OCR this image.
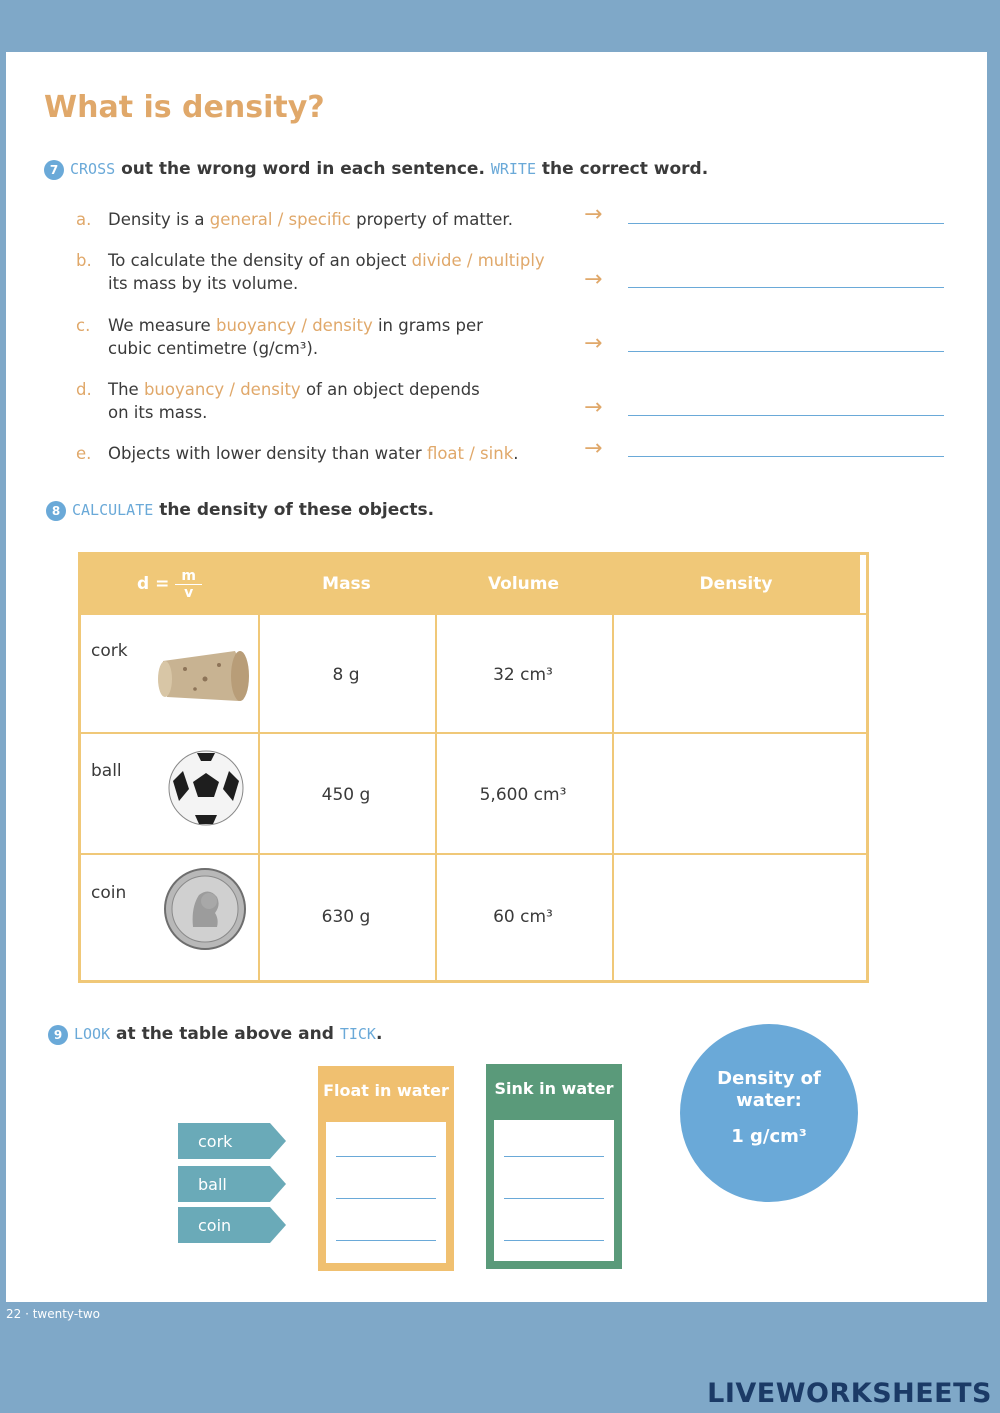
What is density?
7 CROSS out the wrong word in each sentence. WRITE the correct word.
a. Density is a general / specific property of matter.
b. To calculate the density of an object divide / multiply
its mass by its volume.
c. We measure buoyancy / density in grams per
cubic centimetre (g/cm³).
d. The buoyancy / density of an object depends
on its mass.
e. Objects with lower density than water float / sink.
→
→
→
→
→
8 CALCULATE the density of these objects.
$d = \frac{m}{v}$	Mass	Volume	Density
cork
8 g	32 cm³
ball
450 g	5,600 cm³
coin
630 g	60 cm³
9 LOOK at the table above and TICK.
cork
ball
coin
Float in water	Sink in water	Density of water:
1 g/cm³
22 · twenty-two
LIVEWORKSHEETS
